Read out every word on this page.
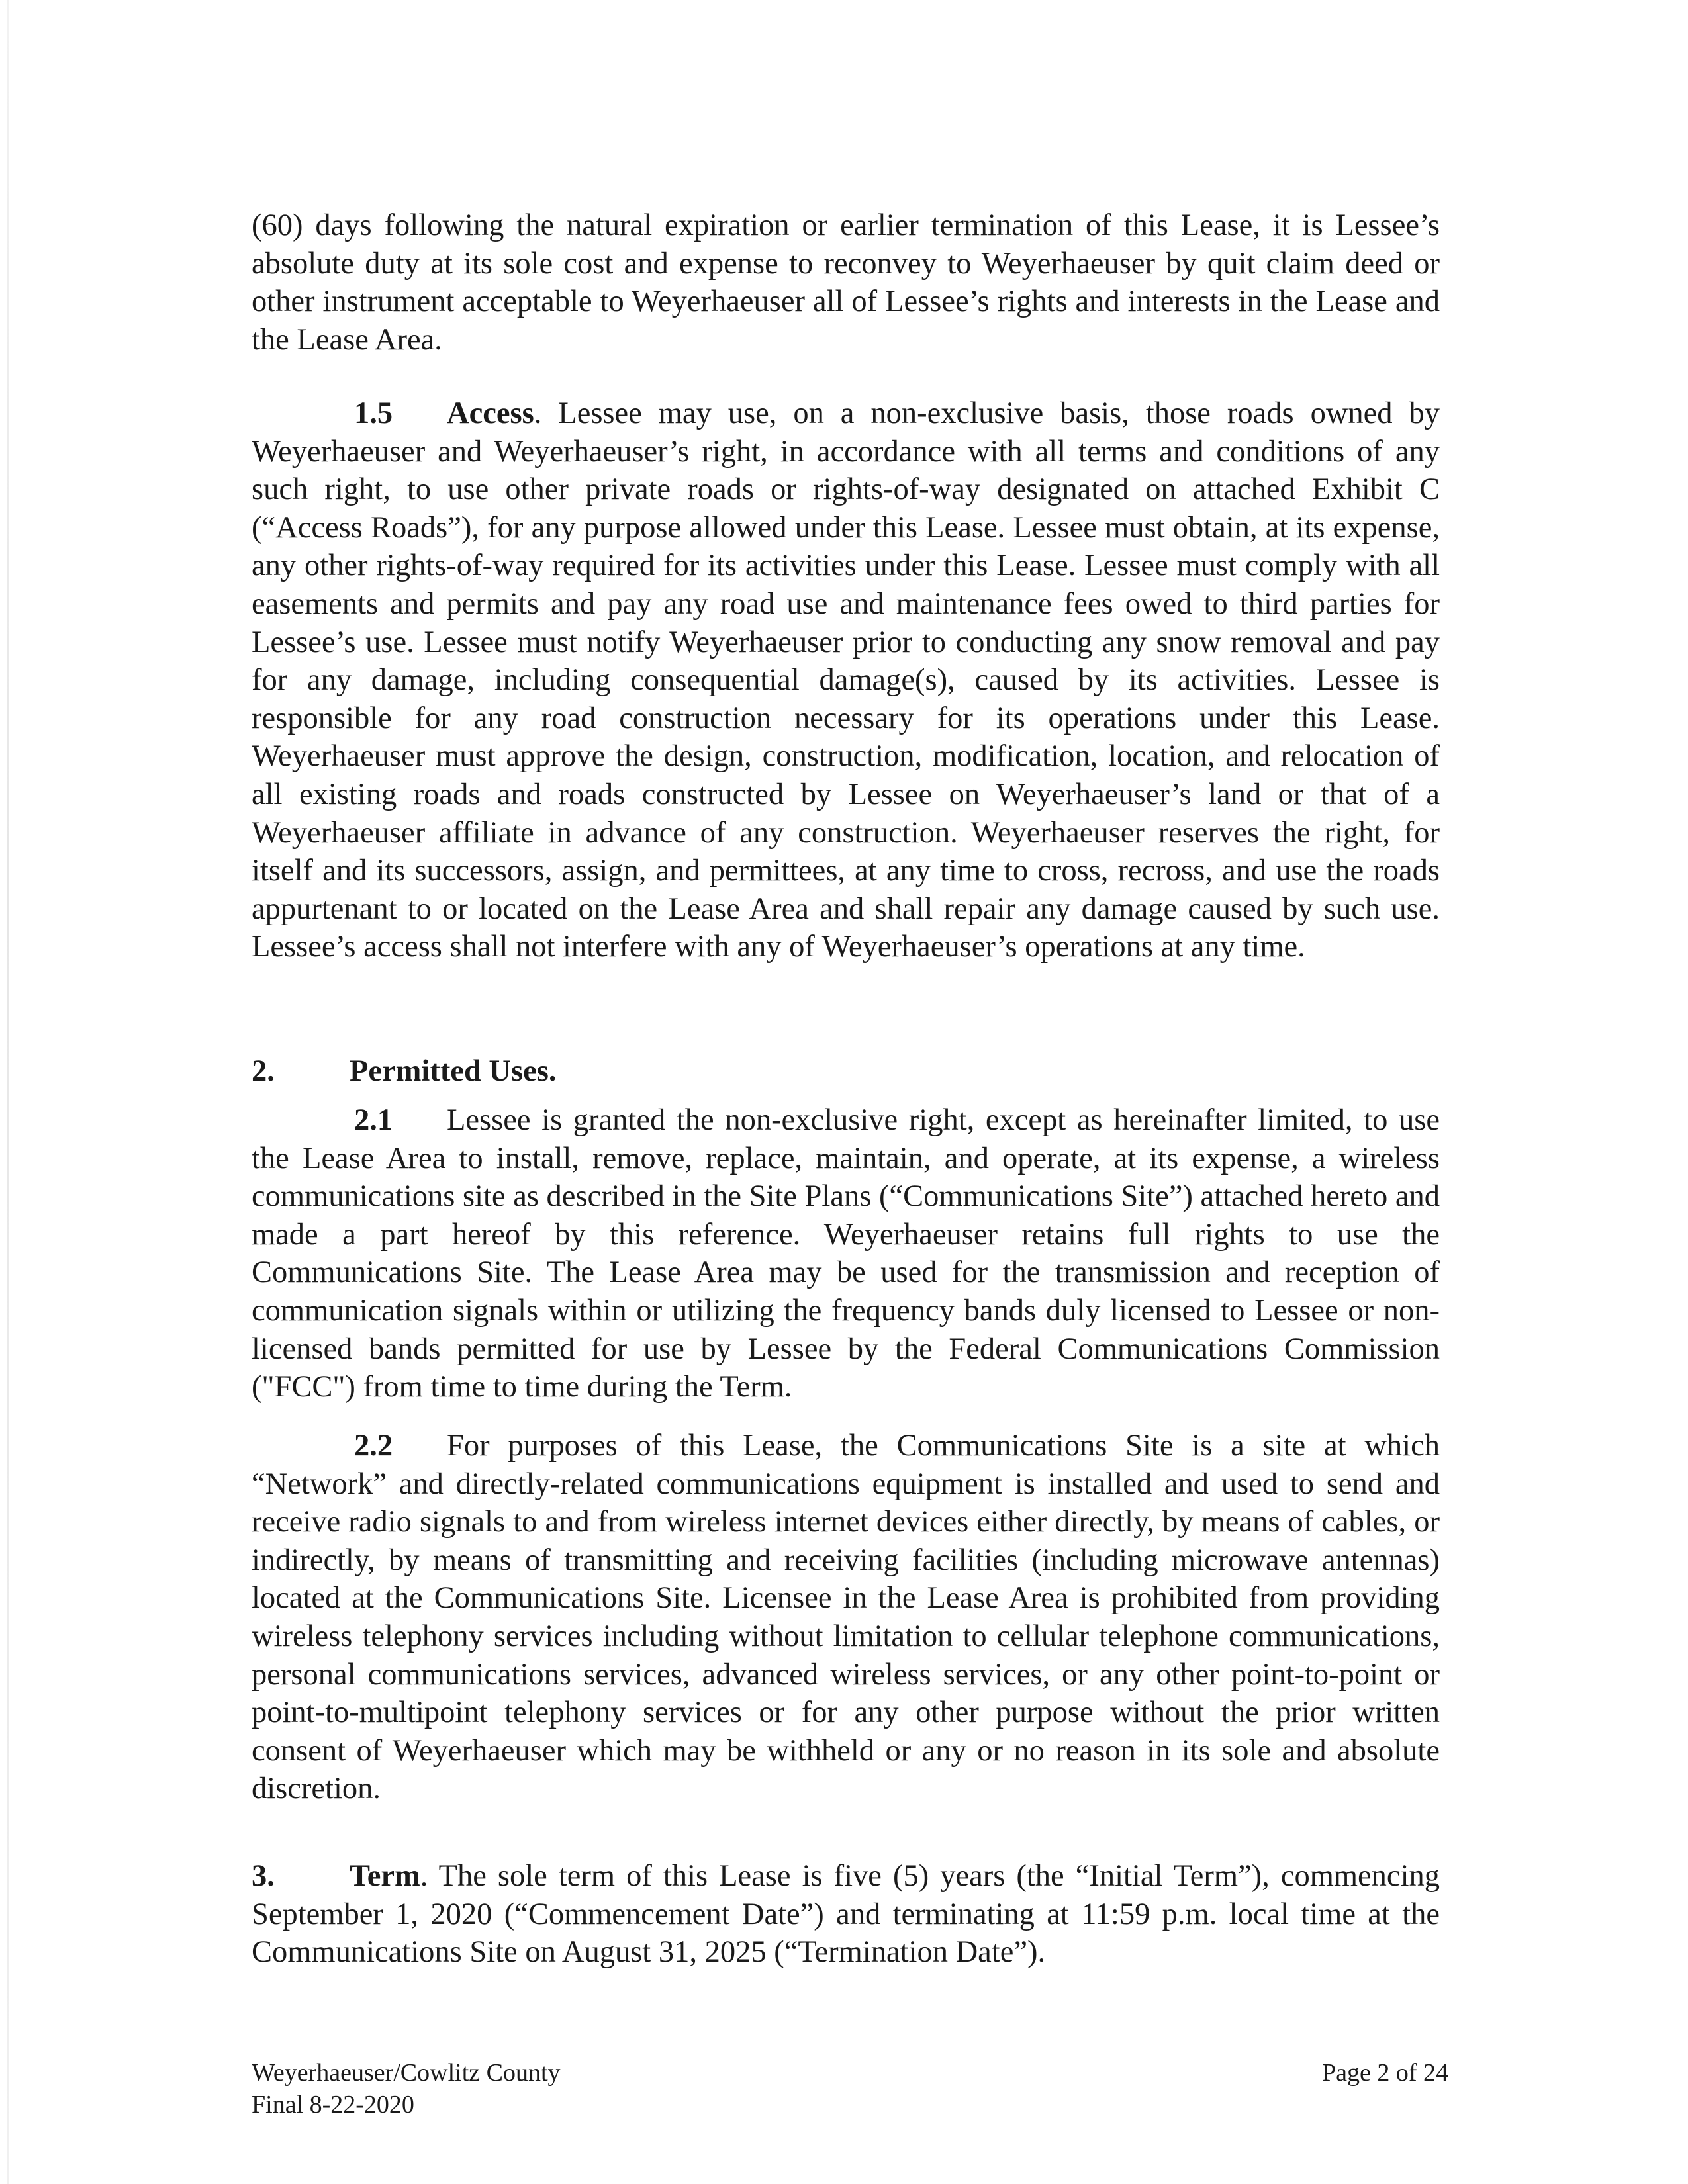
(60) days following the natural expiration or earlier termination of this Lease, it is Lessee’s absolute duty at its sole cost and expense to reconvey to Weyerhaeuser by quit claim deed or other instrument acceptable to Weyerhaeuser all of Lessee’s rights and interests in the Lease and the Lease Area.

1.5 Access. Lessee may use, on a non-exclusive basis, those roads owned by Weyerhaeuser and Weyerhaeuser’s right, in accordance with all terms and conditions of any such right, to use other private roads or rights-of-way designated on attached Exhibit C (“Access Roads”), for any purpose allowed under this Lease. Lessee must obtain, at its expense, any other rights-of-way required for its activities under this Lease. Lessee must comply with all easements and permits and pay any road use and maintenance fees owed to third parties for Lessee’s use. Lessee must notify Weyerhaeuser prior to conducting any snow removal and pay for any damage, including consequential damage(s), caused by its activities. Lessee is responsible for any road construction necessary for its operations under this Lease. Weyerhaeuser must approve the design, construction, modification, location, and relocation of all existing roads and roads constructed by Lessee on Weyerhaeuser’s land or that of a Weyerhaeuser affiliate in advance of any construction. Weyerhaeuser reserves the right, for itself and its successors, assign, and permittees, at any time to cross, recross, and use the roads appurtenant to or located on the Lease Area and shall repair any damage caused by such use. Lessee’s access shall not interfere with any of Weyerhaeuser’s operations at any time.

2. Permitted Uses.

2.1 Lessee is granted the non-exclusive right, except as hereinafter limited, to use the Lease Area to install, remove, replace, maintain, and operate, at its expense, a wireless communications site as described in the Site Plans (“Communications Site”) attached hereto and made a part hereof by this reference. Weyerhaeuser retains full rights to use the Communications Site. The Lease Area may be used for the transmission and reception of communication signals within or utilizing the frequency bands duly licensed to Lessee or non-licensed bands permitted for use by Lessee by the Federal Communications Commission ("FCC") from time to time during the Term.

2.2 For purposes of this Lease, the Communications Site is a site at which “Network” and directly-related communications equipment is installed and used to send and receive radio signals to and from wireless internet devices either directly, by means of cables, or indirectly, by means of transmitting and receiving facilities (including microwave antennas) located at the Communications Site. Licensee in the Lease Area is prohibited from providing wireless telephony services including without limitation to cellular telephone communications, personal communications services, advanced wireless services, or any other point-to-point or point-to-multipoint telephony services or for any other purpose without the prior written consent of Weyerhaeuser which may be withheld or any or no reason in its sole and absolute discretion.

3. Term. The sole term of this Lease is five (5) years (the “Initial Term”), commencing September 1, 2020 (“Commencement Date”) and terminating at 11:59 p.m. local time at the Communications Site on August 31, 2025 (“Termination Date”).

Weyerhaeuser/Cowlitz County
Final 8-22-2020
Page 2 of 24
